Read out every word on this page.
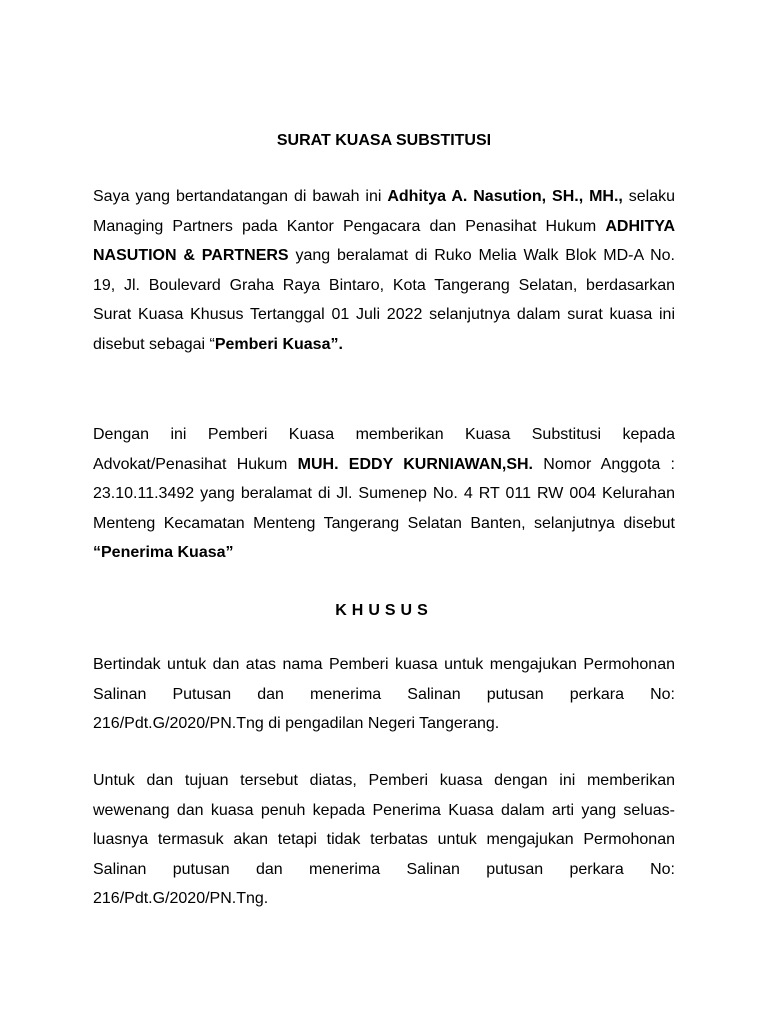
SURAT KUASA SUBSTITUSI

Saya yang bertandatangan di bawah ini Adhitya A. Nasution, SH., MH., selaku Managing Partners pada Kantor Pengacara dan Penasihat Hukum ADHITYA NASUTION & PARTNERS yang beralamat di Ruko Melia Walk Blok MD-A No. 19, Jl. Boulevard Graha Raya Bintaro, Kota Tangerang Selatan, berdasarkan Surat Kuasa Khusus Tertanggal 01 Juli 2022 selanjutnya dalam surat kuasa ini disebut sebagai “Pemberi Kuasa”.

Dengan ini Pemberi Kuasa memberikan Kuasa Substitusi kepada Advokat/Penasihat Hukum MUH. EDDY KURNIAWAN,SH. Nomor Anggota : 23.10.11.3492 yang beralamat di Jl. Sumenep No. 4 RT 011 RW 004 Kelurahan Menteng Kecamatan Menteng Tangerang Selatan Banten, selanjutnya disebut “Penerima Kuasa”

KHUSUS

Bertindak untuk dan atas nama Pemberi kuasa untuk mengajukan Permohonan Salinan Putusan dan menerima Salinan putusan perkara No: 216/Pdt.G/2020/PN.Tng di pengadilan Negeri Tangerang.

Untuk dan tujuan tersebut diatas, Pemberi kuasa dengan ini memberikan wewenang dan kuasa penuh kepada Penerima Kuasa dalam arti yang seluas-luasnya termasuk akan tetapi tidak terbatas untuk mengajukan Permohonan Salinan putusan dan menerima Salinan putusan perkara No: 216/Pdt.G/2020/PN.Tng.
